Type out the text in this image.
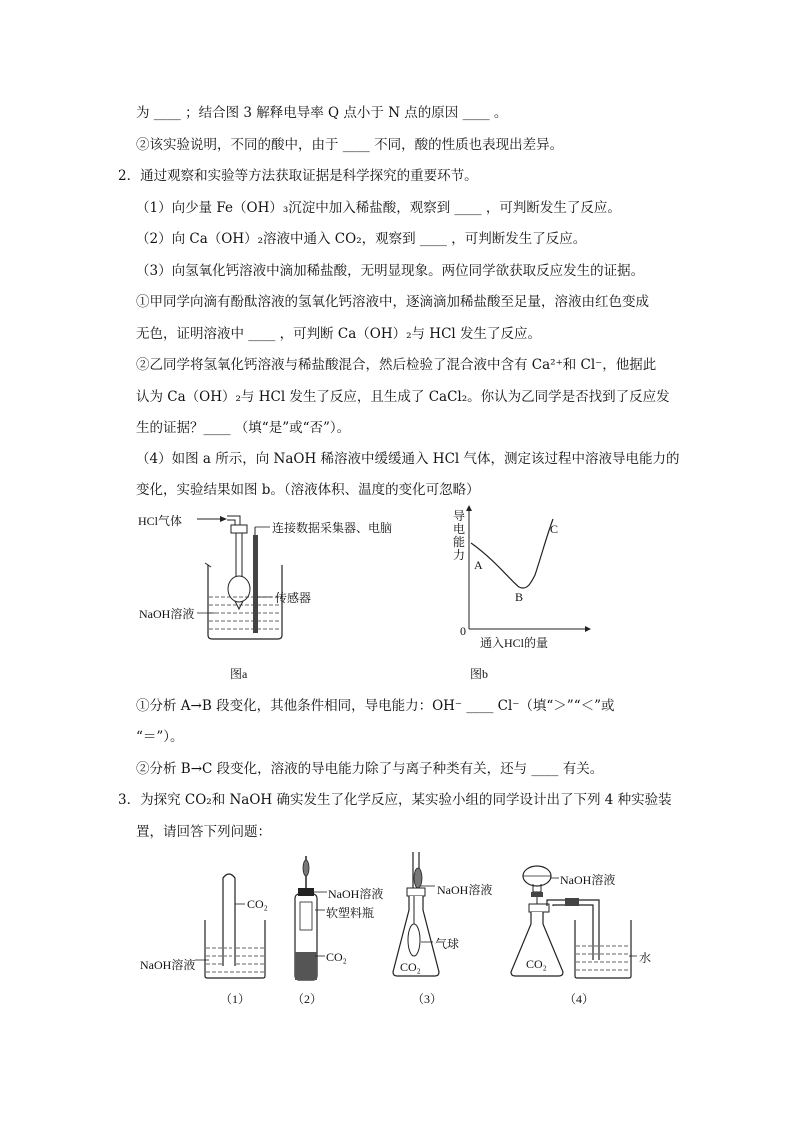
为 ____ ；结合图 3 解释电导率 Q 点小于 N 点的原因 ____ 。
②该实验说明，不同的酸中，由于 ____ 不同，酸的性质也表现出差异。
2．通过观察和实验等方法获取证据是科学探究的重要环节。
（1）向少量 Fe（OH）₃沉淀中加入稀盐酸，观察到 ____ ，可判断发生了反应。
（2）向 Ca（OH）₂溶液中通入 CO₂，观察到 ____ ，可判断发生了反应。
（3）向氢氧化钙溶液中滴加稀盐酸，无明显现象。两位同学欲获取反应发生的证据。
①甲同学向滴有酚酞溶液的氢氧化钙溶液中，逐滴滴加稀盐酸至足量，溶液由红色变成
无色，证明溶液中 ____ ，可判断 Ca（OH）₂与 HCl 发生了反应。
②乙同学将氢氧化钙溶液与稀盐酸混合，然后检验了混合液中含有 Ca²⁺和 Cl⁻，他据此
认为 Ca（OH）₂与 HCl 发生了反应，且生成了 CaCl₂。你认为乙同学是否找到了反应发
生的证据？____ （填“是”或“否”）。
（4）如图 a 所示，向 NaOH 稀溶液中缓缓通入 HCl 气体，测定该过程中溶液导电能力的
变化，实验结果如图 b。（溶液体积、温度的变化可忽略）
HCl气体	连接数据采集器、电脑
传感器
NaOH溶液
图a
导电能力
A
B
C
0
通入HCl的量
图b
①分析 A→B 段变化，其他条件相同，导电能力：OH⁻ ____ Cl⁻（填“＞”“＜”或
“＝”）。
②分析 B→C 段变化，溶液的导电能力除了与离子种类有关，还与 ____ 有关。
3．为探究 CO₂和 NaOH 确实发生了化学反应，某实验小组的同学设计出了下列 4 种实验装
置，请回答下列问题：
CO₂
NaOH溶液
（1）
NaOH溶液
软塑料瓶
CO₂
（2）
NaOH溶液
气球
CO₂
（3）
NaOH溶液
CO₂	水
（4）
